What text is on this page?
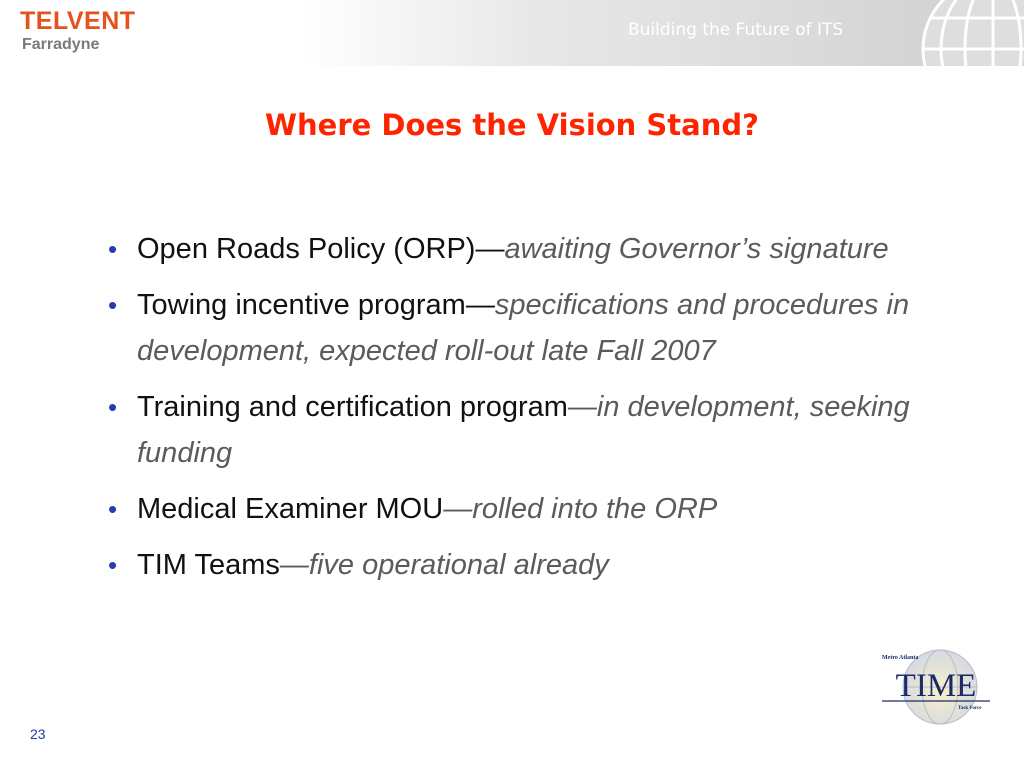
TELVENT
Farradyne
Building the Future of ITS
Where Does the Vision Stand?
• Open Roads Policy (ORP)—awaiting Governor’s signature
• Towing incentive program—specifications and procedures in development, expected roll-out late Fall 2007
• Training and certification program—in development, seeking funding
• Medical Examiner MOU—rolled into the ORP
• TIM Teams—five operational already
Metro Atlanta
TIME
Task Force
23
